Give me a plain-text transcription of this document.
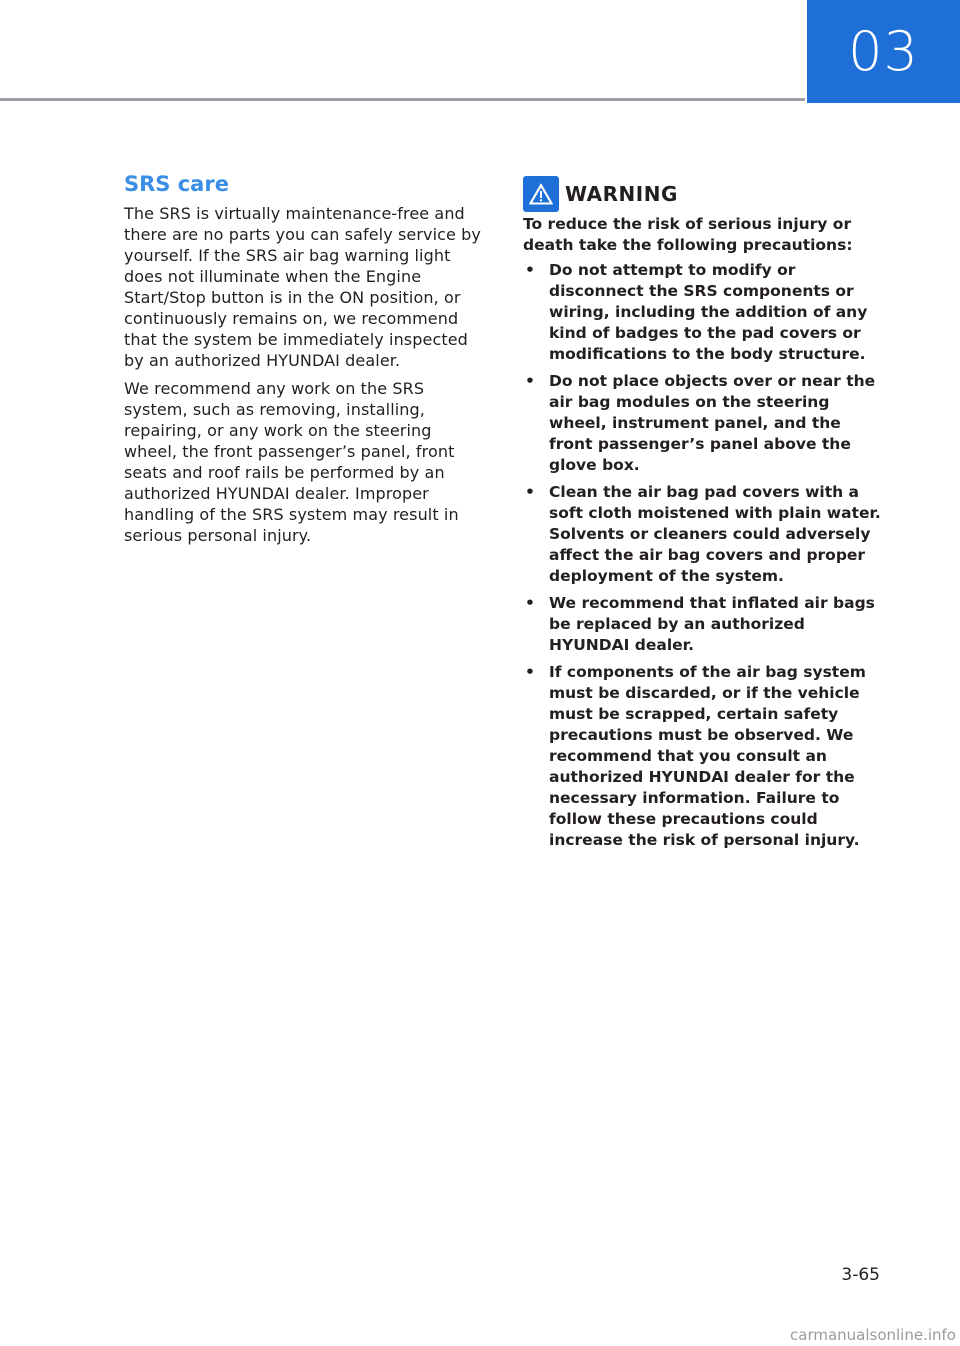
03
SRS care

The SRS is virtually maintenance-free and there are no parts you can safely service by yourself. If the SRS air bag warning light does not illuminate when the Engine Start/Stop button is in the ON position, or continuously remains on, we recommend that the system be immediately inspected by an authorized HYUNDAI dealer.

We recommend any work on the SRS system, such as removing, installing, repairing, or any work on the steering wheel, the front passenger’s panel, front seats and roof rails be performed by an authorized HYUNDAI dealer. Improper handling of the SRS system may result in serious personal injury.

WARNING

To reduce the risk of serious injury or death take the following precautions:

• Do not attempt to modify or disconnect the SRS components or wiring, including the addition of any kind of badges to the pad covers or modifications to the body structure.
• Do not place objects over or near the air bag modules on the steering wheel, instrument panel, and the front passenger’s panel above the glove box.
• Clean the air bag pad covers with a soft cloth moistened with plain water. Solvents or cleaners could adversely affect the air bag covers and proper deployment of the system.
• We recommend that inflated air bags be replaced by an authorized HYUNDAI dealer.
• If components of the air bag system must be discarded, or if the vehicle must be scrapped, certain safety precautions must be observed. We recommend that you consult an authorized HYUNDAI dealer for the necessary information. Failure to follow these precautions could increase the risk of personal injury.
3-65
carmanualsonline.info
